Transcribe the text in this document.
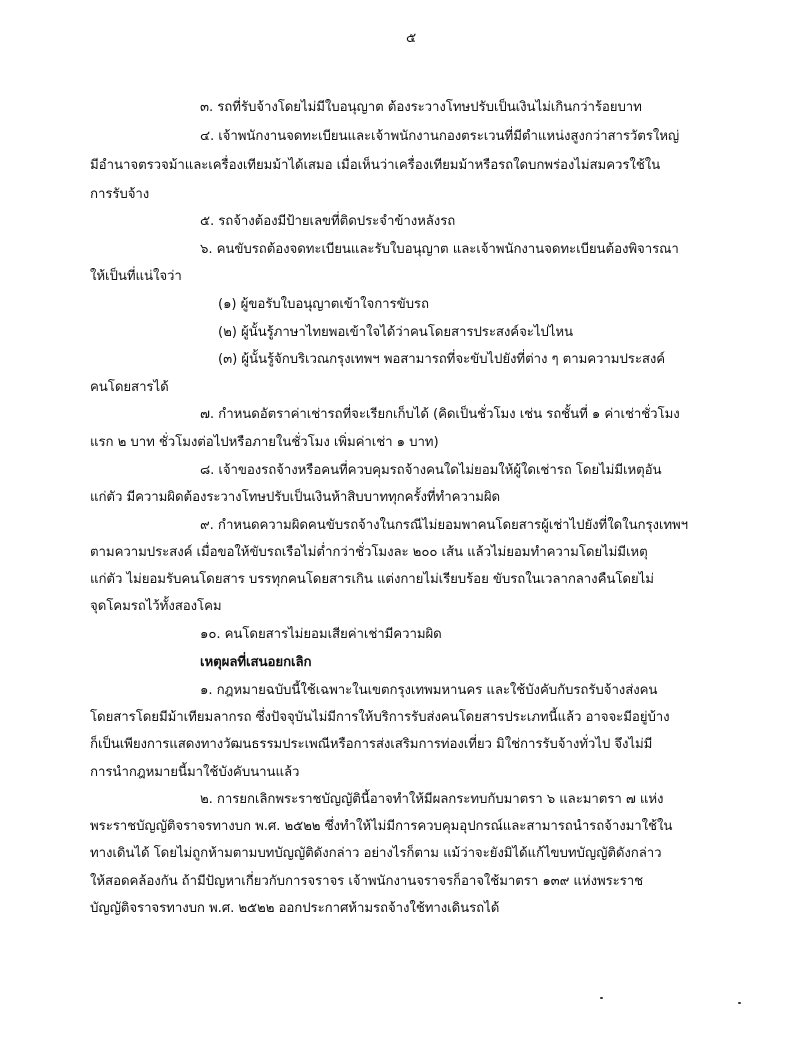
๕

๓. รถที่รับจ้างโดยไม่มีใบอนุญาต ต้องระวางโทษปรับเป็นเงินไม่เกินกว่าร้อยบาท

๔. เจ้าพนักงานจดทะเบียนและเจ้าพนักงานกองตระเวนที่มีตำแหน่งสูงกว่าสารวัตรใหญ่

มีอำนาจตรวจม้าและเครื่องเทียมม้าได้เสมอ เมื่อเห็นว่าเครื่องเทียมม้าหรือรถใดบกพร่องไม่สมควรใช้ใน

การรับจ้าง

๕. รถจ้างต้องมีป้ายเลขที่ติดประจำข้างหลังรถ

๖. คนขับรถต้องจดทะเบียนและรับใบอนุญาต และเจ้าพนักงานจดทะเบียนต้องพิจารณา

ให้เป็นที่แน่ใจว่า

(๑) ผู้ขอรับใบอนุญาตเข้าใจการขับรถ

(๒) ผู้นั้นรู้ภาษาไทยพอเข้าใจได้ว่าคนโดยสารประสงค์จะไปไหน

(๓) ผู้นั้นรู้จักบริเวณกรุงเทพฯ พอสามารถที่จะขับไปยังที่ต่าง ๆ ตามความประสงค์

คนโดยสารได้

๗. กำหนดอัตราค่าเช่ารถที่จะเรียกเก็บได้ (คิดเป็นชั่วโมง เช่น รถชั้นที่ ๑ ค่าเช่าชั่วโมง

แรก ๒ บาท ชั่วโมงต่อไปหรือภายในชั่วโมง เพิ่มค่าเช่า ๑ บาท)

๘. เจ้าของรถจ้างหรือคนที่ควบคุมรถจ้างคนใดไม่ยอมให้ผู้ใดเช่ารถ โดยไม่มีเหตุอัน

แก่ตัว มีความผิดต้องระวางโทษปรับเป็นเงินห้าสิบบาททุกครั้งที่ทำความผิด

๙. กำหนดความผิดคนขับรถจ้างในกรณีไม่ยอมพาคนโดยสารผู้เช่าไปยังที่ใดในกรุงเทพฯ

ตามความประสงค์ เมื่อขอให้ขับรถเรือไม่ต่ำกว่าชั่วโมงละ ๒๐๐ เส้น แล้วไม่ยอมทำความโดยไม่มีเหตุ

แก่ตัว ไม่ยอมรับคนโดยสาร บรรทุกคนโดยสารเกิน แต่งกายไม่เรียบร้อย ขับรถในเวลากลางคืนโดยไม่

จุดโคมรถไว้ทั้งสองโคม

๑๐. คนโดยสารไม่ยอมเสียค่าเช่ามีความผิด

เหตุผลที่เสนอยกเลิก

๑. กฎหมายฉบับนี้ใช้เฉพาะในเขตกรุงเทพมหานคร และใช้บังคับกับรถรับจ้างส่งคน

โดยสารโดยมีม้าเทียมลากรถ ซึ่งปัจจุบันไม่มีการให้บริการรับส่งคนโดยสารประเภทนี้แล้ว อาจจะมีอยู่บ้าง

ก็เป็นเพียงการแสดงทางวัฒนธรรมประเพณีหรือการส่งเสริมการท่องเที่ยว มิใช่การรับจ้างทั่วไป จึงไม่มี

การนำกฎหมายนี้มาใช้บังคับนานแล้ว

๒. การยกเลิกพระราชบัญญัตินี้อาจทำให้มีผลกระทบกับมาตรา ๖ และมาตรา ๗ แห่ง

พระราชบัญญัติจราจรทางบก พ.ศ. ๒๕๒๒ ซึ่งทำให้ไม่มีการควบคุมอุปกรณ์และสามารถนำรถจ้างมาใช้ใน

ทางเดินได้ โดยไม่ถูกห้ามตามบทบัญญัติดังกล่าว อย่างไรก็ตาม แม้ว่าจะยังมิได้แก้ไขบทบัญญัติดังกล่าว

ให้สอดคล้องกัน ถ้ามีปัญหาเกี่ยวกับการจราจร เจ้าพนักงานจราจรก็อาจใช้มาตรา ๑๓๙ แห่งพระราช

บัญญัติจราจรทางบก พ.ศ. ๒๕๒๒ ออกประกาศห้ามรถจ้างใช้ทางเดินรถได้
